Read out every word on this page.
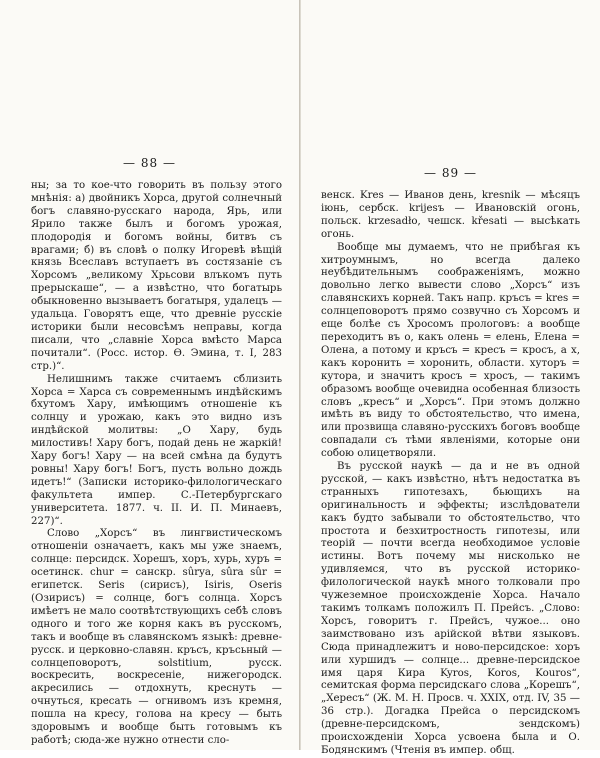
— 88 —

ны; за то кое-что говорить въ пользу этого мнѣнія: а) двойникъ Хорса, другой солнечный богъ славяно-русскаго народа, Ярь, или Ярило также былъ и богомъ урожая, плодородія и богомъ войны, битвъ съ врагами; б) въ словѣ о полку Игоревѣ вѣщій князь Всеславъ вступаетъ въ состязаніе съ Хорсомъ „великому Хрьсови влъкомъ путь прерыскаше“, — а извѣстно, что богатырь обыкновенно вызываетъ богатыря, удалецъ — удальца. Говорятъ еще, что древніе русскіе историки были несовсѣмъ неправы, когда писали, что „славніе Хорса вмѣсто Марса почитали“. (Росс. истор. Ѳ. Эмина, т. I, 283 стр.)“.

Нелишнимъ также считаемъ сблизить Хорса = Харса съ современнымъ индѣйскимъ бхутомъ Хару, имѣющимъ отношеніе къ солнцу и урожаю, какъ это видно изъ индѣйской молитвы: „О Хару, будь милостивъ! Хару богъ, подай день не жаркій! Хару богъ! Хару — на всей смѣна да будутъ ровны! Хару богъ! Богъ, пусть вольно дождь идетъ!“ (Записки историко-филологическаго факультета импер. С.-Петербургскаго университета. 1877. ч. II. И. П. Минаевъ, 227)“.

Слово „Хорсъ“ въ лингвистическомъ отношеніи означаетъ, какъ мы уже знаемъ, солнце: персидск. Хорешъ, хоръ, хурь, хуръ = осетинск. chur = санскр. sûrya, sûra sûr = египетск. Seris (сирисъ), Isiris, Oseris (Озирисъ) = солнце, богъ солнца. Хорсъ имѣетъ не мало соотвѣтствующихъ себѣ словъ одного и того же корня какъ въ русскомъ, такъ и вообще въ славянскомъ языкѣ: древне-русск. и церковно-славян. кръсъ, кръсьный — солнцеповоротъ, solstitium, русск. воскресить, воскресеніе, нижегородск. акресились — отдохнуть, креснуть — очнуться, кресать — огнивомъ изъ кремня, пошла на кресу, голова на кресу — быть здоровымъ и вообще быть готовымъ къ работѣ; сюда-же нужно отнести сло-

— 89 —

венск. Kres — Иванов день, kresnik — мѣсяцъ іюнь, сербск. krijesъ — Ивановскій огонь, польск. krzesadło, чешск. křesati — высѣкать огонь.

Вообще мы думаемъ, что не прибѣгая къ хитроумнымъ, но всегда далеко неубѣдительнымъ соображеніямъ, можно довольно легко вывести слово „Хорсъ“ изъ славянскихъ корней. Такъ напр. кръсъ = kres = солнцеповоротъ прямо созвучно съ Хорсомъ и еще болѣе съ Хросомъ прологовъ: а вообще переходитъ въ о, какъ олень = елень, Елена = Олена, а потому и кръсъ = кресъ = кросъ, а х, какъ коронить = хоронить, области. хуторъ = кутора, и значитъ кросъ = хросъ, — такимъ образомъ вообще очевидна особенная близость словъ „кресъ“ и „Хорсъ“. При этомъ должно имѣть въ виду то обстоятельство, что имена, или прозвища славяно-русскихъ боговъ вообще совпадали съ тѣми явленіями, которые они собою олицетворяли.

Въ русской наукѣ — да и не въ одной русской, — какъ извѣстно, нѣтъ недостатка въ странныхъ гипотезахъ, бьющихъ на оригинальность и эффекты; изслѣдователи какъ будто забывали то обстоятельство, что простота и безхитростность гипотезы, или теорій — почти всегда необходимое условіе истины. Вотъ почему мы нисколько не удивляемся, что въ русской историко-филологической наукѣ много толковали про чужеземное происхожденіе Хорса. Начало такимъ толкамъ положилъ П. Прейсъ. „Слово: Хорсъ, говоритъ г. Прейсъ, чужое... оно заимствовано изъ арійской вѣтви языковъ. Сюда принадлежитъ и ново-персидское: хоръ или хуршидъ — солнце... древне-персидское имя царя Кира Kyros, Koros, Kouros“, семитская форма персидскаго слова „Корешъ“, „Хересъ“ (Ж. М. Н. Просв. ч. XXIX, отд. IV, 35 — 36 стр.). Догадка Прейса о персидскомъ (древне-персидскомъ, зендскомъ) происхожденіи Хорса усвоена была и О. Бодянскимъ (Чтенія въ импер. общ.
